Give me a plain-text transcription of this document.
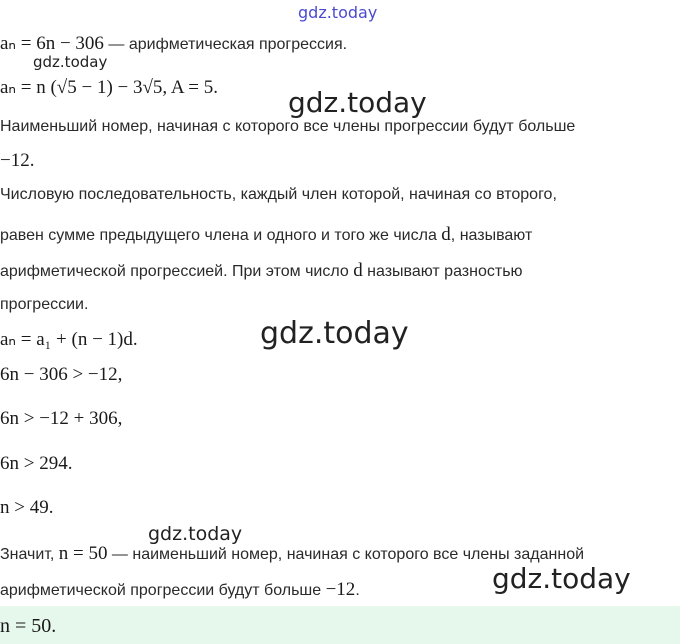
gdz.today
gdz.today
gdz.today
gdz.today
gdz.today
gdz.today
aₙ = 6n − 306 — арифметическая прогрессия.
aₙ = n (√5 − 1) − 3√5, A = 5.
Наименьший номер, начиная с которого все члены прогрессии будут больше
−12.
Числовую последовательность, каждый член которой, начиная со второго,
равен сумме предыдущего члена и одного и того же числа d, называют
арифметической прогрессией. При этом число d называют разностью
прогрессии.
aₙ = a₁ + (n − 1)d.
6n − 306 > −12,
6n > −12 + 306,
6n > 294.
n > 49.
Значит, n = 50 — наименьший номер, начиная с которого все члены заданной
арифметической прогрессии будут больше −12.
n = 50.
